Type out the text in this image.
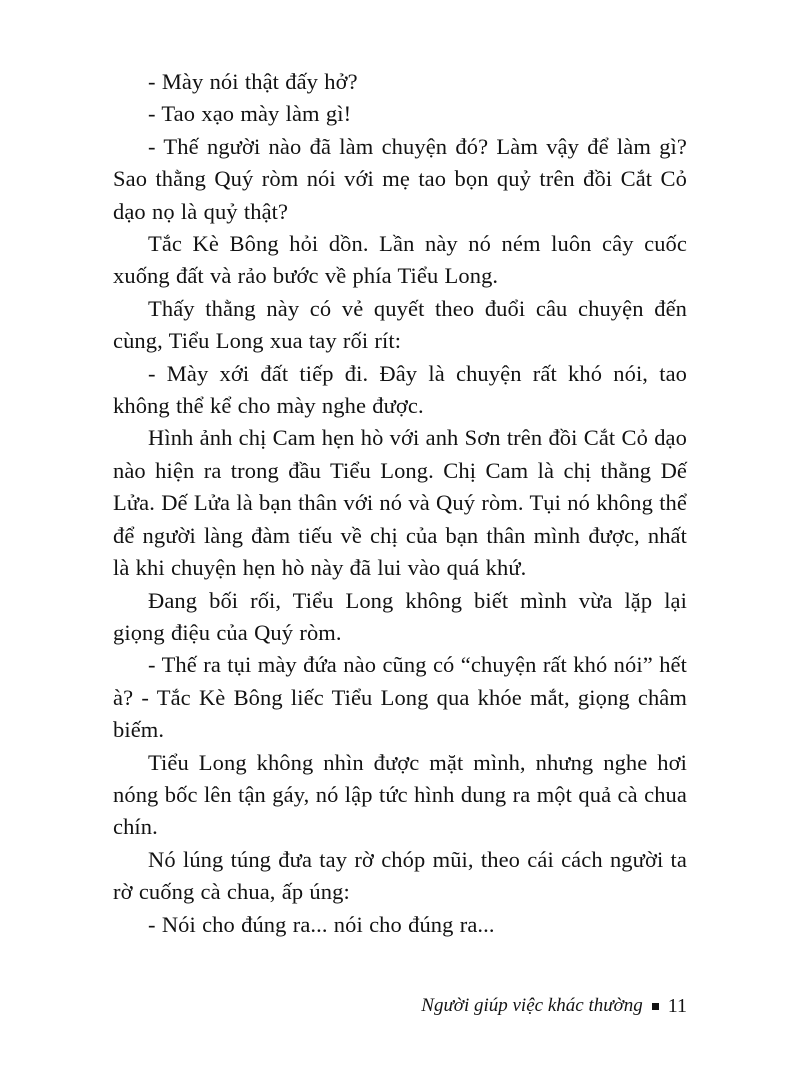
- Mày nói thật đấy hở?

- Tao xạo mày làm gì!

- Thế người nào đã làm chuyện đó? Làm vậy để làm gì? Sao thằng Quý ròm nói với mẹ tao bọn quỷ trên đồi Cắt Cỏ dạo nọ là quỷ thật?

Tắc Kè Bông hỏi dồn. Lần này nó ném luôn cây cuốc xuống đất và rảo bước về phía Tiểu Long.

Thấy thằng này có vẻ quyết theo đuổi câu chuyện đến cùng, Tiểu Long xua tay rối rít:

- Mày xới đất tiếp đi. Đây là chuyện rất khó nói, tao không thể kể cho mày nghe được.

Hình ảnh chị Cam hẹn hò với anh Sơn trên đồi Cắt Cỏ dạo nào hiện ra trong đầu Tiểu Long. Chị Cam là chị thằng Dế Lửa. Dế Lửa là bạn thân với nó và Quý ròm. Tụi nó không thể để người làng đàm tiếu về chị của bạn thân mình được, nhất là khi chuyện hẹn hò này đã lui vào quá khứ.

Đang bối rối, Tiểu Long không biết mình vừa lặp lại giọng điệu của Quý ròm.

- Thế ra tụi mày đứa nào cũng có “chuyện rất khó nói” hết à? - Tắc Kè Bông liếc Tiểu Long qua khóe mắt, giọng châm biếm.

Tiểu Long không nhìn được mặt mình, nhưng nghe hơi nóng bốc lên tận gáy, nó lập tức hình dung ra một quả cà chua chín.

Nó lúng túng đưa tay rờ chóp mũi, theo cái cách người ta rờ cuống cà chua, ấp úng:

- Nói cho đúng ra... nói cho đúng ra...

Người giúp việc khác thường 11
